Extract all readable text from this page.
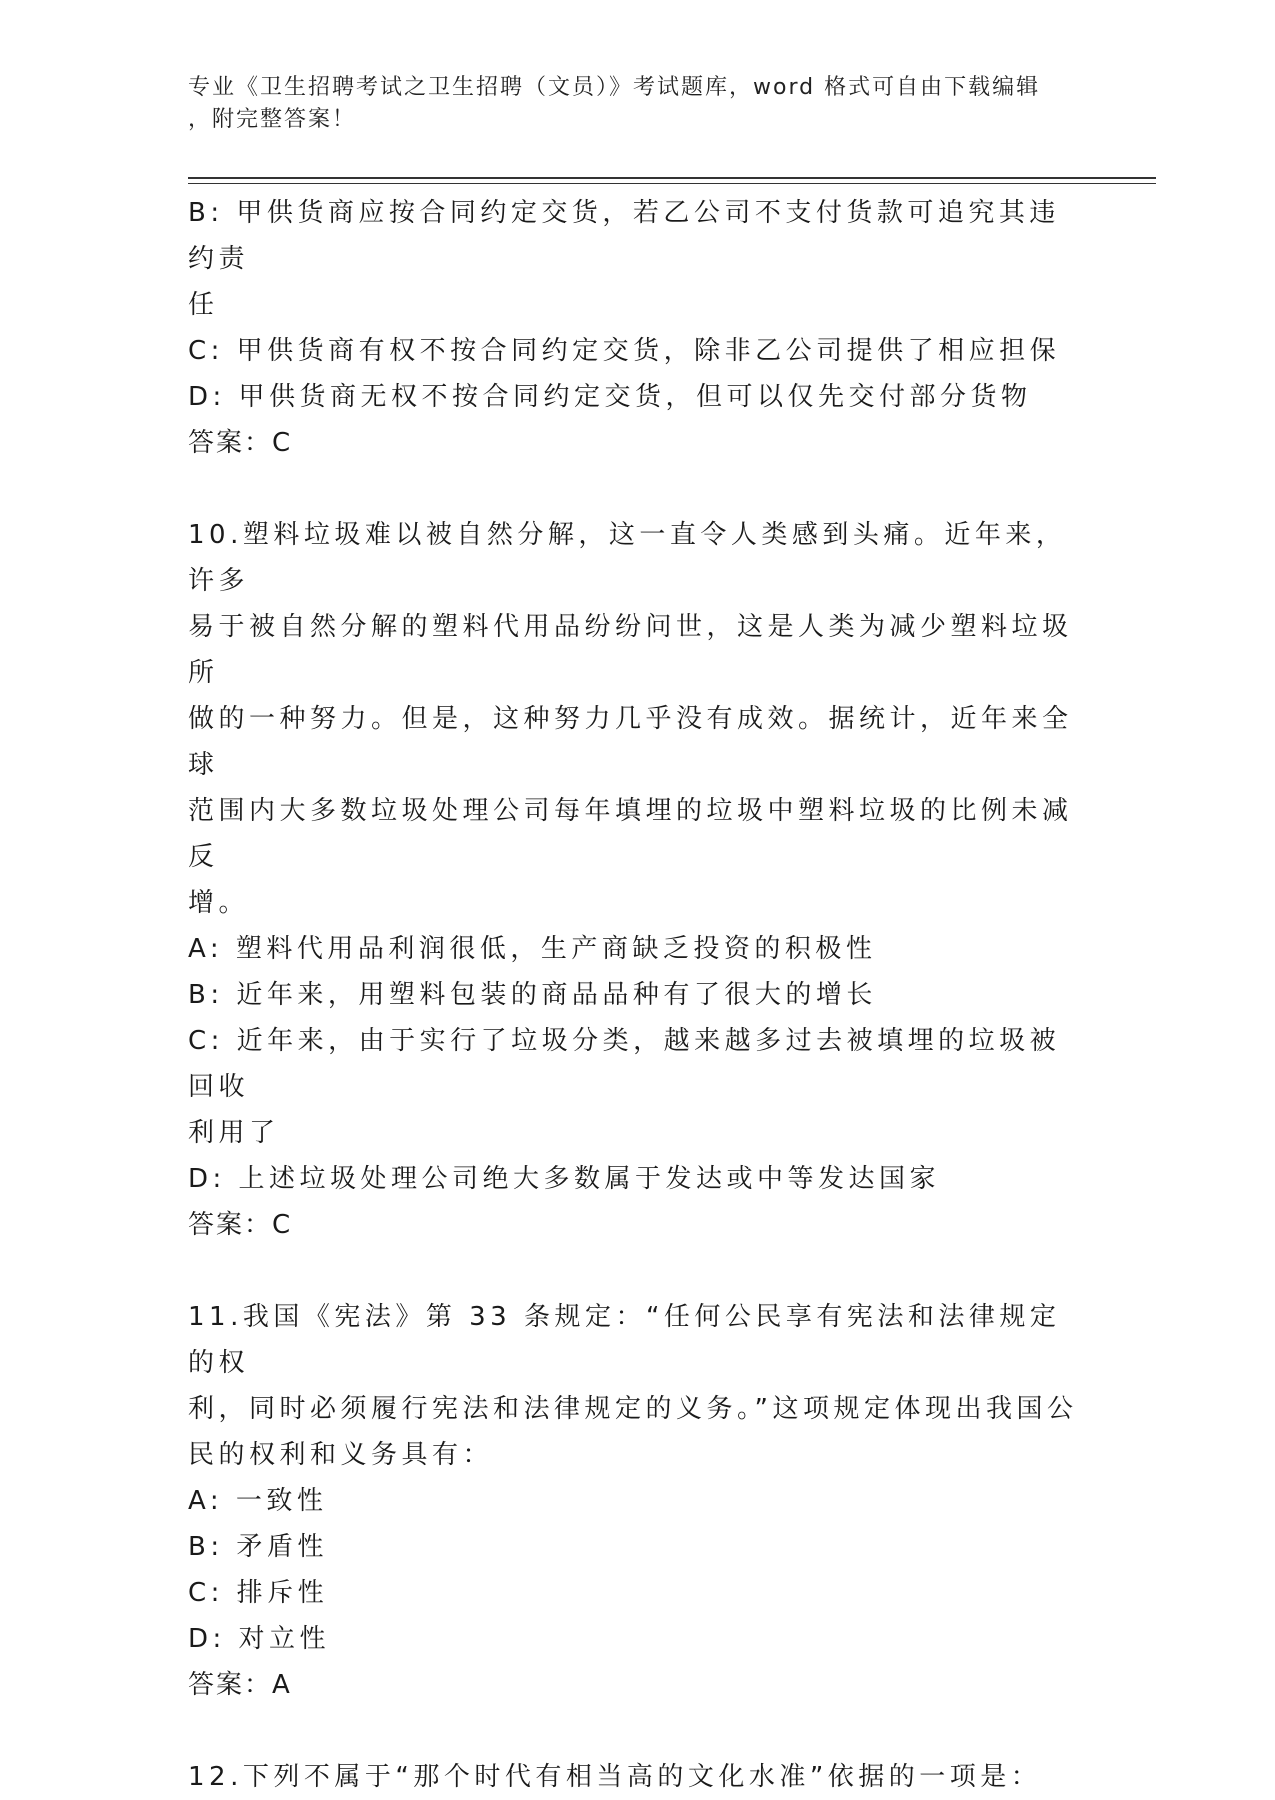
专业《卫生招聘考试之卫生招聘（文员）》考试题库，word 格式可自由下载编辑
，附完整答案！

B: 甲供货商应按合同约定交货，若乙公司不支付货款可追究其违约责

任

C: 甲供货商有权不按合同约定交货，除非乙公司提供了相应担保

D: 甲供货商无权不按合同约定交货，但可以仅先交付部分货物

答案：C

10.塑料垃圾难以被自然分解，这一直令人类感到头痛。近年来，许多

易于被自然分解的塑料代用品纷纷问世，这是人类为减少塑料垃圾所

做的一种努力。但是，这种努力几乎没有成效。据统计，近年来全球

范围内大多数垃圾处理公司每年填埋的垃圾中塑料垃圾的比例未减反

增。

A: 塑料代用品利润很低，生产商缺乏投资的积极性

B: 近年来，用塑料包装的商品品种有了很大的增长

C: 近年来，由于实行了垃圾分类，越来越多过去被填埋的垃圾被回收

利用了

D: 上述垃圾处理公司绝大多数属于发达或中等发达国家

答案：C

11.我国《宪法》第 33 条规定：“任何公民享有宪法和法律规定的权

利，同时必须履行宪法和法律规定的义务。”这项规定体现出我国公

民的权利和义务具有：

A: 一致性

B: 矛盾性

C: 排斥性

D: 对立性

答案：A

12.下列不属于“那个时代有相当高的文化水准”依据的一项是：
